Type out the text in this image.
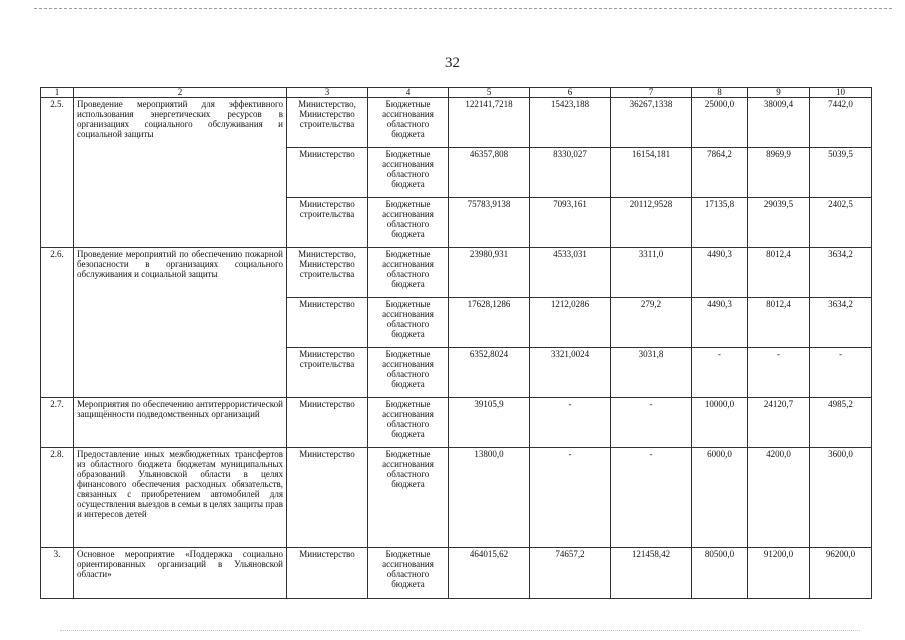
32
1	2	3	4	5	6	7	8	9	10
2.5.	Проведение мероприятий для эффективного использования энергетических ресурсов в организациях социального обслуживания и социальной защиты	Министерство, Министерство строительства	Бюджетные ассигнования областного бюджета	122141,7218	15423,188	36267,1338	25000,0	38009,4	7442,0
		Министерство	Бюджетные ассигнования областного бюджета	46357,808	8330,027	16154,181	7864,2	8969,9	5039,5
		Министерство строительства	Бюджетные ассигнования областного бюджета	75783,9138	7093,161	20112,9528	17135,8	29039,5	2402,5
2.6.	Проведение мероприятий по обеспечению пожарной безопасности в организациях социального обслуживания и социальной защиты	Министерство, Министерство строительства	Бюджетные ассигнования областного бюджета	23980,931	4533,031	3311,0	4490,3	8012,4	3634,2
		Министерство	Бюджетные ассигнования областного бюджета	17628,1286	1212,0286	279,2	4490,3	8012,4	3634,2
		Министерство строительства	Бюджетные ассигнования областного бюджета	6352,8024	3321,0024	3031,8	-	-	-
2.7.	Мероприятия по обеспечению антитеррористической защищённости подведомственных организаций	Министерство	Бюджетные ассигнования областного бюджета	39105,9	-	-	10000,0	24120,7	4985,2
2.8.	Предоставление иных межбюджетных трансфертов из областного бюджета бюджетам муниципальных образований Ульяновской области в целях финансового обеспечения расходных обязательств, связанных с приобретением автомобилей для осуществления выездов в семьи в целях защиты прав и интересов детей	Министерство	Бюджетные ассигнования областного бюджета	13800,0	-	-	6000,0	4200,0	3600,0
3.	Основное мероприятие «Поддержка социально ориентированных организаций в Ульяновской области»	Министерство	Бюджетные ассигнования областного бюджета	464015,62	74657,2	121458,42	80500,0	91200,0	96200,0
